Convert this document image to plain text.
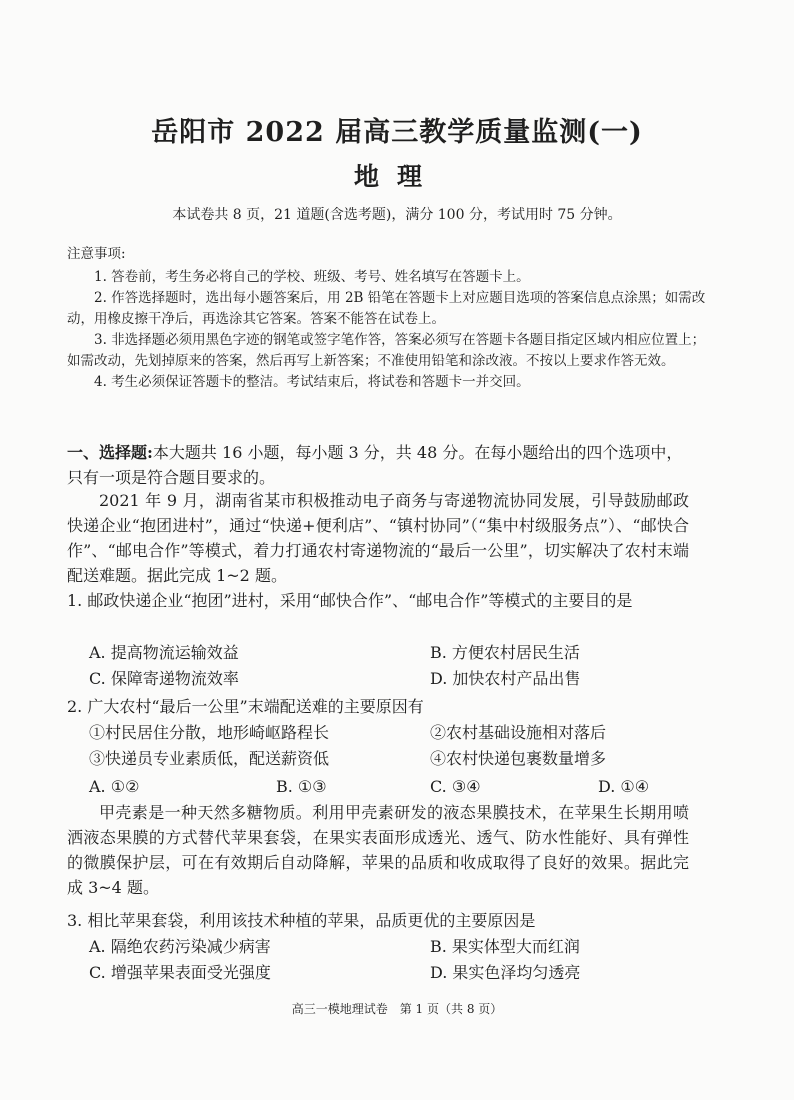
岳阳市 2022 届高三教学质量监测(一)
地理
本试卷共 8 页，21 道题(含选考题)，满分 100 分，考试用时 75 分钟。
注意事项:

1. 答卷前，考生务必将自己的学校、班级、考号、姓名填写在答题卡上。

2. 作答选择题时，选出每小题答案后，用 2B 铅笔在答题卡上对应题目选项的答案信息点涂黑；如需改动，用橡皮擦干净后，再选涂其它答案。答案不能答在试卷上。

3. 非选择题必须用黑色字迹的钢笔或签字笔作答，答案必须写在答题卡各题目指定区域内相应位置上；如需改动，先划掉原来的答案，然后再写上新答案；不准使用铅笔和涂改液。不按以上要求作答无效。

4. 考生必须保证答题卡的整洁。考试结束后，将试卷和答题卡一并交回。

一、选择题:本大题共 16 小题，每小题 3 分，共 48 分。在每小题给出的四个选项中，只有一项是符合题目要求的。
2021 年 9 月，湖南省某市积极推动电子商务与寄递物流协同发展，引导鼓励邮政快递企业“抱团进村”，通过“快递+便利店”、“镇村协同”（“集中村级服务点”）、“邮快合作”、“邮电合作”等模式，着力打通农村寄递物流的“最后一公里”，切实解决了农村末端配送难题。据此完成 1~2 题。
1. 邮政快递企业“抱团”进村，采用“邮快合作”、“邮电合作”等模式的主要目的是
A. 提高物流运输效益	B. 方便农村居民生活
C. 保障寄递物流效率	D. 加快农村产品出售
2. 广大农村“最后一公里”末端配送难的主要原因有
①村民居住分散，地形崎岖路程长	②农村基础设施相对落后
③快递员专业素质低，配送薪资低	④农村快递包裹数量增多
A. ①②	B. ①③	C. ③④	D. ①④
甲壳素是一种天然多糖物质。利用甲壳素研发的液态果膜技术，在苹果生长期用喷洒液态果膜的方式替代苹果套袋，在果实表面形成透光、透气、防水性能好、具有弹性的微膜保护层，可在有效期后自动降解，苹果的品质和收成取得了良好的效果。据此完成 3~4 题。
3. 相比苹果套袋，利用该技术种植的苹果，品质更优的主要原因是
A. 隔绝农药污染减少病害	B. 果实体型大而红润
C. 增强苹果表面受光强度	D. 果实色泽均匀透亮
高三一模地理试卷　第 1 页（共 8 页）
